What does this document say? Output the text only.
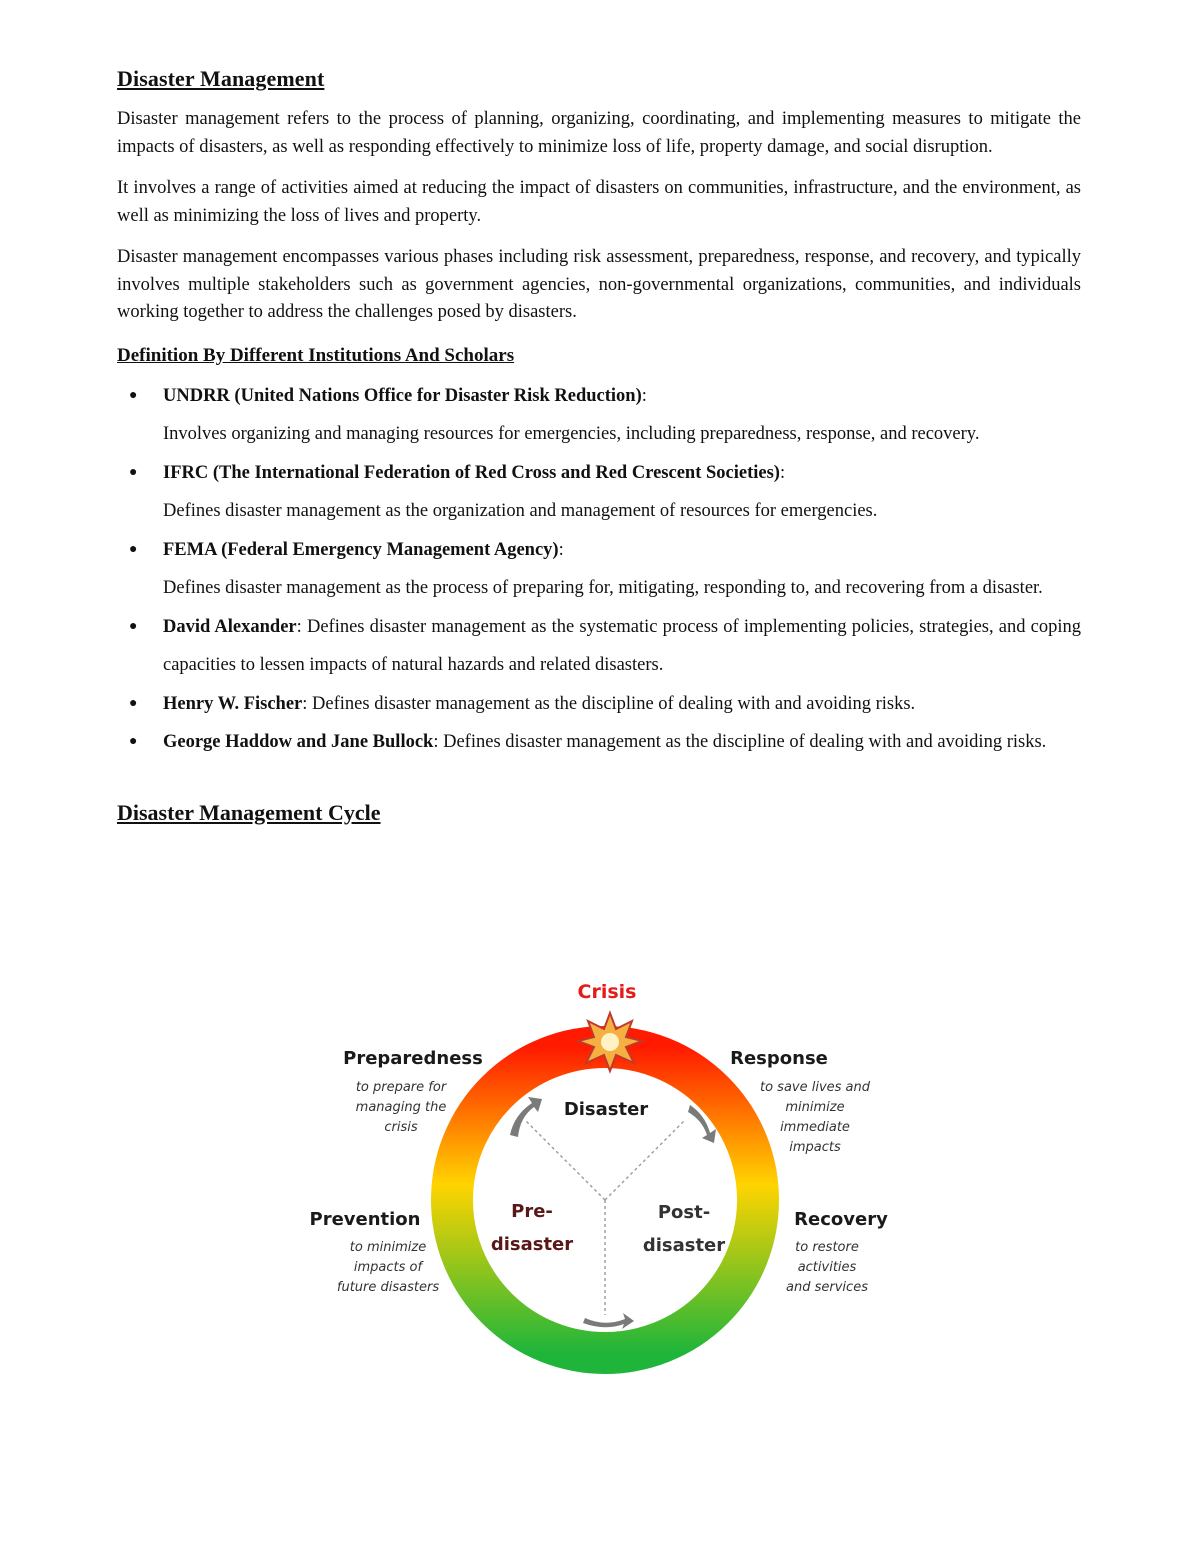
Disaster Management

Disaster management refers to the process of planning, organizing, coordinating, and implementing measures to mitigate the impacts of disasters, as well as responding effectively to minimize loss of life, property damage, and social disruption.

It involves a range of activities aimed at reducing the impact of disasters on communities, infrastructure, and the environment, as well as minimizing the loss of lives and property.

Disaster management encompasses various phases including risk assessment, preparedness, response, and recovery, and typically involves multiple stakeholders such as government agencies, non-governmental organizations, communities, and individuals working together to address the challenges posed by disasters.

Definition By Different Institutions And Scholars
● UNDRR (United Nations Office for Disaster Risk Reduction):
Involves organizing and managing resources for emergencies, including preparedness, response, and recovery.
● IFRC (The International Federation of Red Cross and Red Crescent Societies):
Defines disaster management as the organization and management of resources for emergencies.
● FEMA (Federal Emergency Management Agency):
Defines disaster management as the process of preparing for, mitigating, responding to, and recovering from a disaster.
● David Alexander: Defines disaster management as the systematic process of implementing policies, strategies, and coping capacities to lessen impacts of natural hazards and related disasters.
● Henry W. Fischer: Defines disaster management as the discipline of dealing with and avoiding risks.
● George Haddow and Jane Bullock: Defines disaster management as the discipline of dealing with and avoiding risks.
Disaster Management Cycle
Crisis
Disaster
Pre-
disaster
Post-
disaster
Preparedness
to prepare for
managing the
crisis
Response
to save lives and
minimize
immediate
impacts
Prevention
to minimize
impacts of
future disasters
Recovery
to restore
activities
and services
